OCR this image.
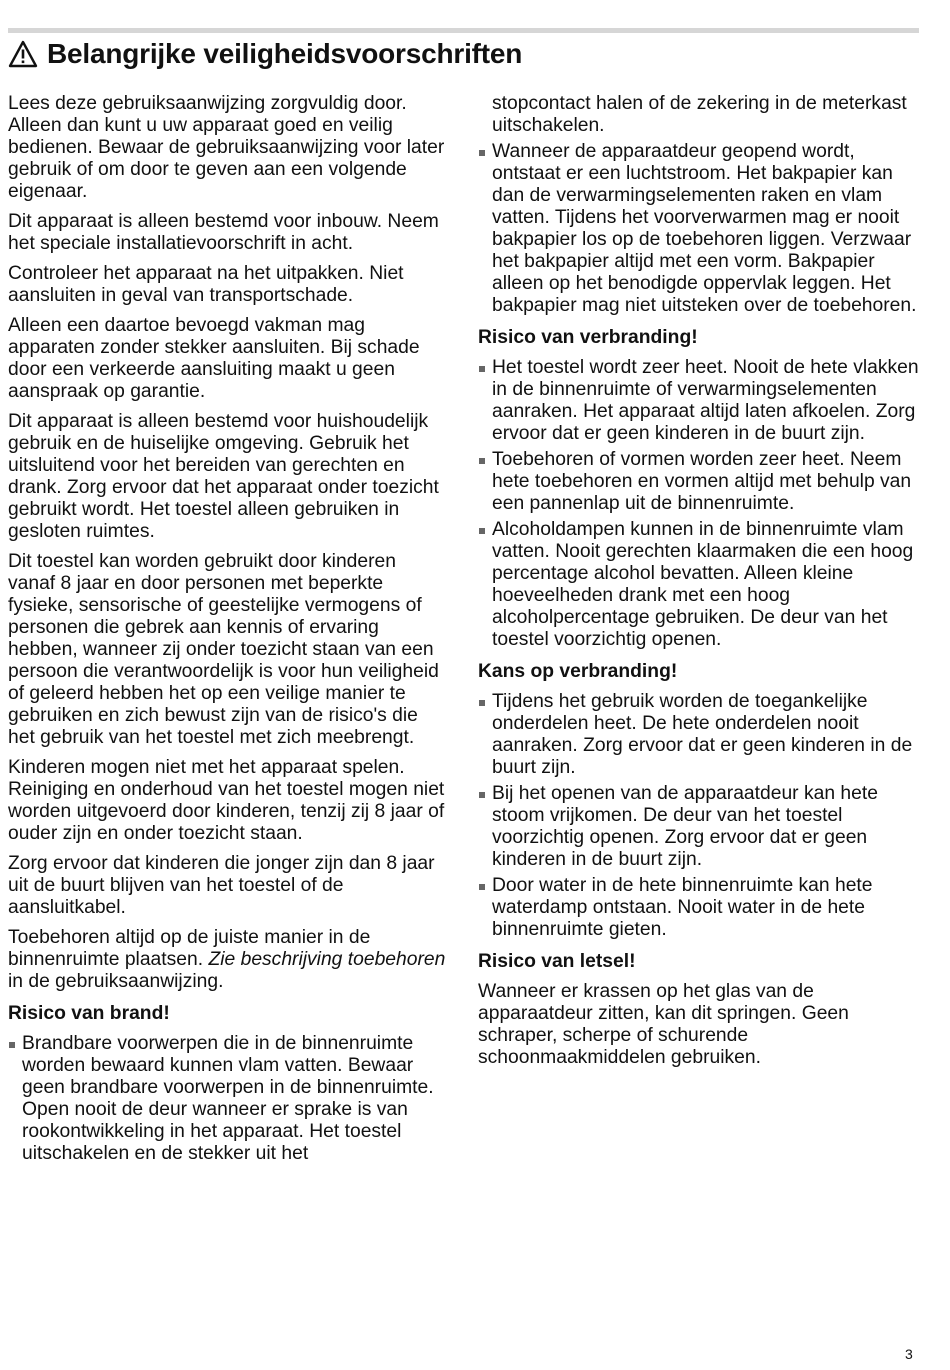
Belangrijke veiligheidsvoorschriften

Lees deze gebruiksaanwijzing zorgvuldig door. Alleen dan kunt u uw apparaat goed en veilig bedienen. Bewaar de gebruiksaanwijzing voor later gebruik of om door te geven aan een volgende eigenaar.

Dit apparaat is alleen bestemd voor inbouw. Neem het speciale installatievoorschrift in acht.

Controleer het apparaat na het uitpakken. Niet aansluiten in geval van transportschade.

Alleen een daartoe bevoegd vakman mag apparaten zonder stekker aansluiten. Bij schade door een verkeerde aansluiting maakt u geen aanspraak op garantie.

Dit apparaat is alleen bestemd voor huishoudelijk gebruik en de huiselijke omgeving. Gebruik het uitsluitend voor het bereiden van gerechten en drank. Zorg ervoor dat het apparaat onder toezicht gebruikt wordt. Het toestel alleen gebruiken in gesloten ruimtes.

Dit toestel kan worden gebruikt door kinderen vanaf 8 jaar en door personen met beperkte fysieke, sensorische of geestelijke vermogens of personen die gebrek aan kennis of ervaring hebben, wanneer zij onder toezicht staan van een persoon die verantwoordelijk is voor hun veiligheid of geleerd hebben het op een veilige manier te gebruiken en zich bewust zijn van de risico's die het gebruik van het toestel met zich meebrengt.

Kinderen mogen niet met het apparaat spelen. Reiniging en onderhoud van het toestel mogen niet worden uitgevoerd door kinderen, tenzij zij 8 jaar of ouder zijn en onder toezicht staan.

Zorg ervoor dat kinderen die jonger zijn dan 8 jaar uit de buurt blijven van het toestel of de aansluitkabel.

Toebehoren altijd op de juiste manier in de binnenruimte plaatsen. Zie beschrijving toebehoren in de gebruiksaanwijzing.

Risico van brand!
Brandbare voorwerpen die in de binnenruimte worden bewaard kunnen vlam vatten. Bewaar geen brandbare voorwerpen in de binnenruimte. Open nooit de deur wanneer er sprake is van rookontwikkeling in het apparaat. Het toestel uitschakelen en de stekker uit het
stopcontact halen of de zekering in de meterkast uitschakelen.
Wanneer de apparaatdeur geopend wordt, ontstaat er een luchtstroom. Het bakpapier kan dan de verwarmingselementen raken en vlam vatten. Tijdens het voorverwarmen mag er nooit bakpapier los op de toebehoren liggen. Verzwaar het bakpapier altijd met een vorm. Bakpapier alleen op het benodigde oppervlak leggen. Het bakpapier mag niet uitsteken over de toebehoren.
Risico van verbranding!
Het toestel wordt zeer heet. Nooit de hete vlakken in de binnenruimte of verwarmingselementen aanraken. Het apparaat altijd laten afkoelen. Zorg ervoor dat er geen kinderen in de buurt zijn.
Toebehoren of vormen worden zeer heet. Neem hete toebehoren en vormen altijd met behulp van een pannenlap uit de binnenruimte.
Alcoholdampen kunnen in de binnenruimte vlam vatten. Nooit gerechten klaarmaken die een hoog percentage alcohol bevatten. Alleen kleine hoeveelheden drank met een hoog alcoholpercentage gebruiken. De deur van het toestel voorzichtig openen.
Kans op verbranding!
Tijdens het gebruik worden de toegankelijke onderdelen heet. De hete onderdelen nooit aanraken. Zorg ervoor dat er geen kinderen in de buurt zijn.
Bij het openen van de apparaatdeur kan hete stoom vrijkomen. De deur van het toestel voorzichtig openen. Zorg ervoor dat er geen kinderen in de buurt zijn.
Door water in de hete binnenruimte kan hete waterdamp ontstaan. Nooit water in de hete binnenruimte gieten.
Risico van letsel!

Wanneer er krassen op het glas van de apparaatdeur zitten, kan dit springen. Geen schraper, scherpe of schurende schoonmaakmiddelen gebruiken.

3
